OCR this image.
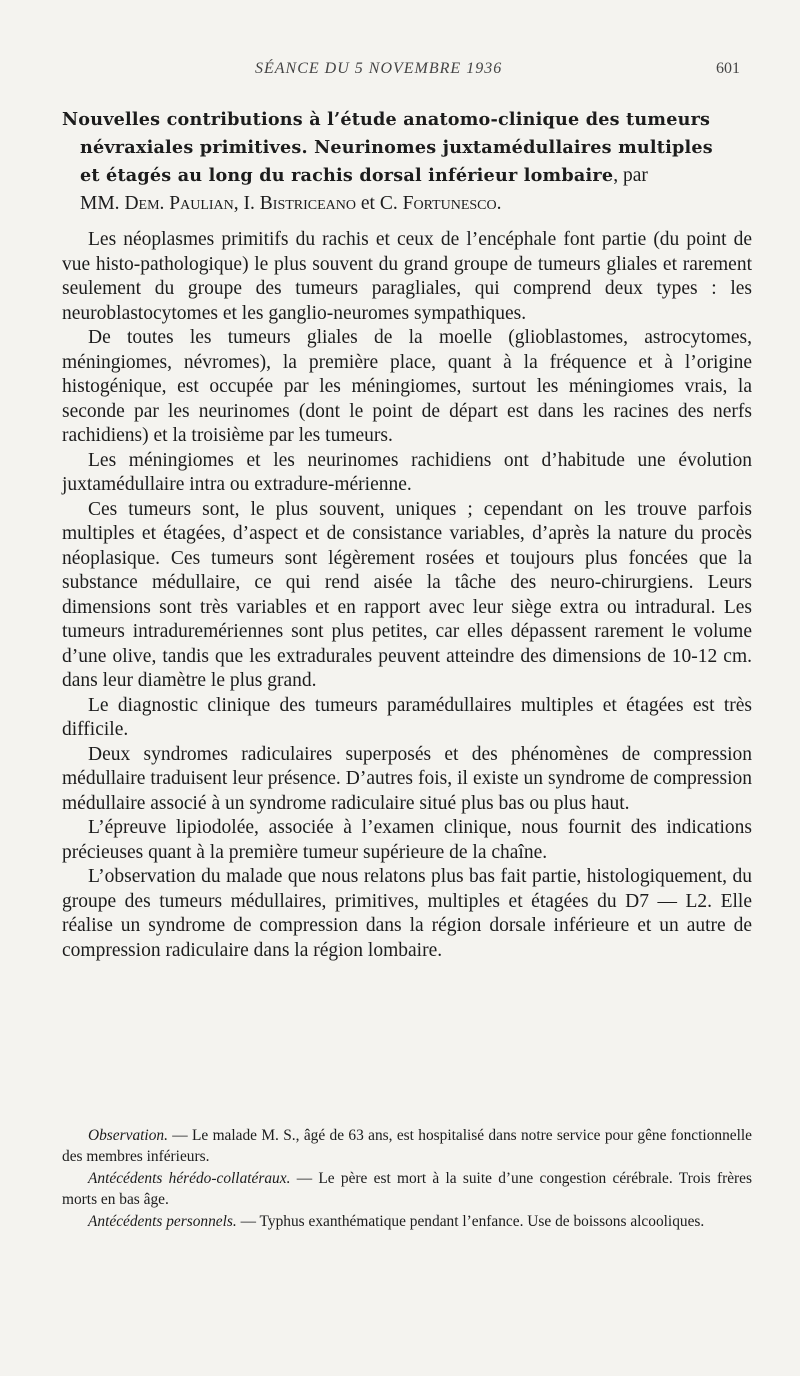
SÉANCE DU 5 NOVEMBRE 1936	601
Nouvelles contributions à l’étude anatomo-clinique des tumeurs
névraxiales primitives. Neurinomes juxtamédullaires multiples
et étagés au long du rachis dorsal inférieur lombaire, par
MM. Dem. Paulian, I. Bistriceano et C. Fortunesco.

Les néoplasmes primitifs du rachis et ceux de l’encéphale font partie (du point de vue histo-pathologique) le plus souvent du grand groupe de tumeurs gliales et rarement seulement du groupe des tumeurs paragliales, qui comprend deux types : les neuroblastocytomes et les ganglio-neuromes sympathiques.

De toutes les tumeurs gliales de la moelle (glioblastomes, astrocytomes, méningiomes, névromes), la première place, quant à la fréquence et à l’origine histogénique, est occupée par les méningiomes, surtout les méningiomes vrais, la seconde par les neurinomes (dont le point de départ est dans les racines des nerfs rachidiens) et la troisième par les tumeurs.

Les méningiomes et les neurinomes rachidiens ont d’habitude une évolution juxtamédullaire intra ou extradure-mérienne.

Ces tumeurs sont, le plus souvent, uniques ; cependant on les trouve parfois multiples et étagées, d’aspect et de consistance variables, d’après la nature du procès néoplasique. Ces tumeurs sont légèrement rosées et toujours plus foncées que la substance médullaire, ce qui rend aisée la tâche des neuro-chirurgiens. Leurs dimensions sont très variables et en rapport avec leur siège extra ou intradural. Les tumeurs intraduremériennes sont plus petites, car elles dépassent rarement le volume d’une olive, tandis que les extradurales peuvent atteindre des dimensions de 10-12 cm. dans leur diamètre le plus grand.

Le diagnostic clinique des tumeurs paramédullaires multiples et étagées est très difficile.

Deux syndromes radiculaires superposés et des phénomènes de compression médullaire traduisent leur présence. D’autres fois, il existe un syndrome de compression médullaire associé à un syndrome radiculaire situé plus bas ou plus haut.

L’épreuve lipiodolée, associée à l’examen clinique, nous fournit des indications précieuses quant à la première tumeur supérieure de la chaîne.

L’observation du malade que nous relatons plus bas fait partie, histologiquement, du groupe des tumeurs médullaires, primitives, multiples et étagées du D7 — L2. Elle réalise un syndrome de compression dans la région dorsale inférieure et un autre de compression radiculaire dans la région lombaire.

Observation. — Le malade M. S., âgé de 63 ans, est hospitalisé dans notre service pour gêne fonctionnelle des membres inférieurs.

Antécédents hérédo-collatéraux. — Le père est mort à la suite d’une congestion cérébrale. Trois frères morts en bas âge.

Antécédents personnels. — Typhus exanthématique pendant l’enfance. Use de boissons alcooliques.
